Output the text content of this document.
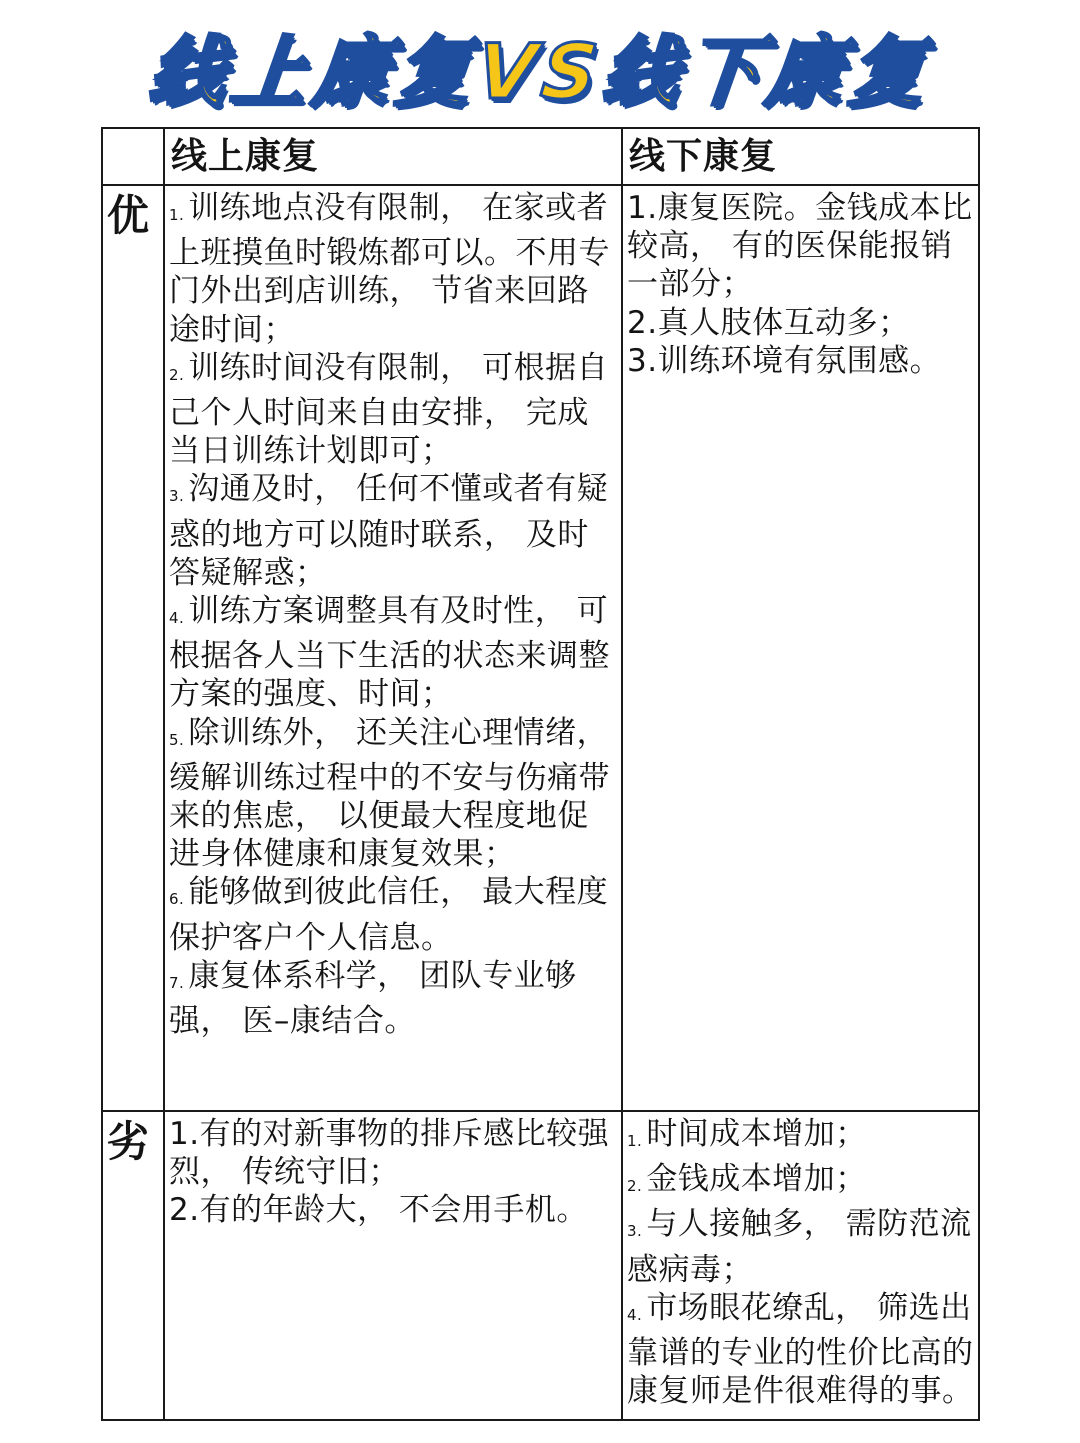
线上康复VS线下康复
线上康复	线下康复
优 1. 训练地点没有限制， 在家或者上班摸鱼时锻炼都可以。不用专门外出到店训练， 节省来回路途时间；

2. 训练时间没有限制， 可根据自己个人时间来自由安排， 完成当日训练计划即可；

3. 沟通及时， 任何不懂或者有疑惑的地方可以随时联系， 及时答疑解惑；

4. 训练方案调整具有及时性， 可根据各人当下生活的状态来调整方案的强度、时间；

5. 除训练外， 还关注心理情绪， 缓解训练过程中的不安与伤痛带来的焦虑， 以便最大程度地促进身体健康和康复效果；

6. 能够做到彼此信任， 最大程度保护客户个人信息。

7. 康复体系科学， 团队专业够强， 医–康结合。

1.康复医院。金钱成本比较高， 有的医保能报销一部分；

2.真人肢体互动多；

3.训练环境有氛围感。

劣 1.有的对新事物的排斥感比较强烈， 传统守旧；

2.有的年龄大， 不会用手机。

1. 时间成本增加；

2. 金钱成本增加；

3. 与人接触多， 需防范流感病毒；

4. 市场眼花缭乱， 筛选出靠谱的专业的性价比高的康复师是件很难得的事。
